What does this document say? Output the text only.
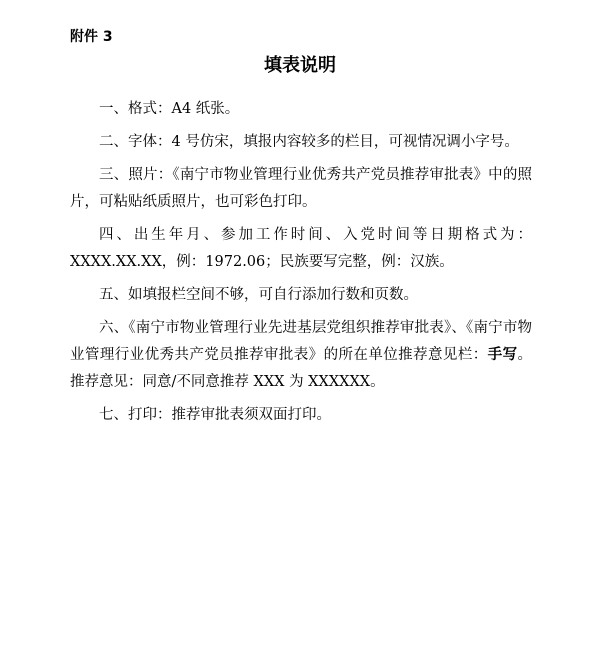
附件 3
填表说明

一、格式：A4 纸张。

二、字体：4 号仿宋，填报内容较多的栏目，可视情况调小字号。

三、照片：《南宁市物业管理行业优秀共产党员推荐审批表》中的照片，可粘贴纸质照片，也可彩色打印。

四、出生年月、参加工作时间、入党时间等日期格式为：XXXX.XX.XX，例：1972.06；民族要写完整，例：汉族。

五、如填报栏空间不够，可自行添加行数和页数。

六、《南宁市物业管理行业先进基层党组织推荐审批表》、《南宁市物业管理行业优秀共产党员推荐审批表》的所在单位推荐意见栏：手写。推荐意见：同意/不同意推荐 XXX 为 XXXXXX。

七、打印：推荐审批表须双面打印。
